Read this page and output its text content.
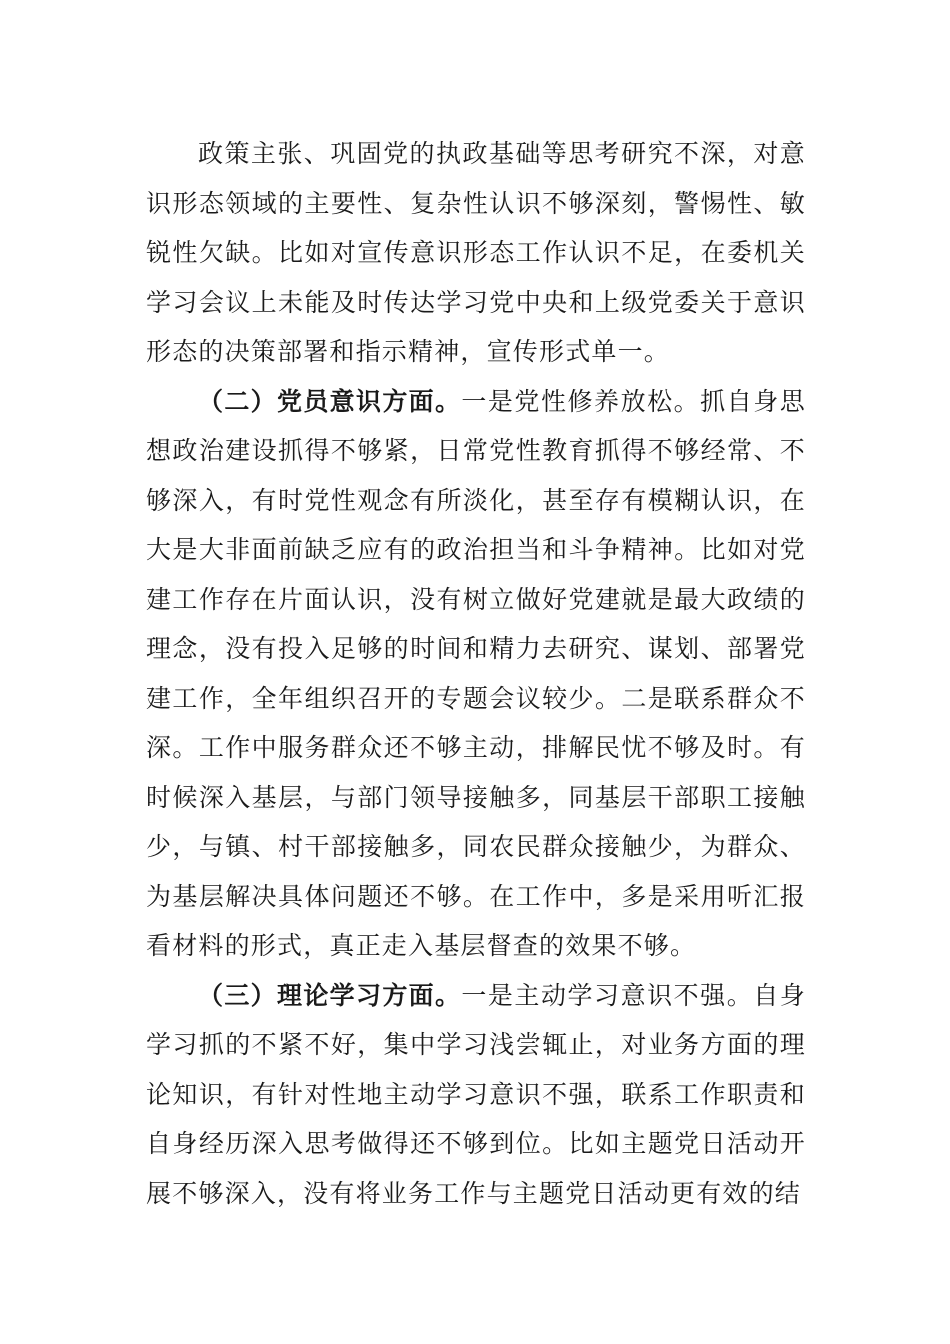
政策主张、巩固党的执政基础等思考研究不深，对意识形态领域的主要性、复杂性认识不够深刻，警惕性、敏锐性欠缺。比如对宣传意识形态工作认识不足，在委机关学习会议上未能及时传达学习党中央和上级党委关于意识形态的决策部署和指示精神，宣传形式单一。

（二）党员意识方面。一是党性修养放松。抓自身思想政治建设抓得不够紧，日常党性教育抓得不够经常、不够深入，有时党性观念有所淡化，甚至存有模糊认识，在大是大非面前缺乏应有的政治担当和斗争精神。比如对党建工作存在片面认识，没有树立做好党建就是最大政绩的理念，没有投入足够的时间和精力去研究、谋划、部署党建工作，全年组织召开的专题会议较少。二是联系群众不深。工作中服务群众还不够主动，排解民忧不够及时。有时候深入基层，与部门领导接触多，同基层干部职工接触少，与镇、村干部接触多，同农民群众接触少，为群众、为基层解决具体问题还不够。在工作中，多是采用听汇报看材料的形式，真正走入基层督查的效果不够。

（三）理论学习方面。一是主动学习意识不强。自身学习抓的不紧不好，集中学习浅尝辄止，对业务方面的理论知识，有针对性地主动学习意识不强，联系工作职责和自身经历深入思考做得还不够到位。比如主题党日活动开展不够深入，没有将业务工作与主题党日活动更有效的结
